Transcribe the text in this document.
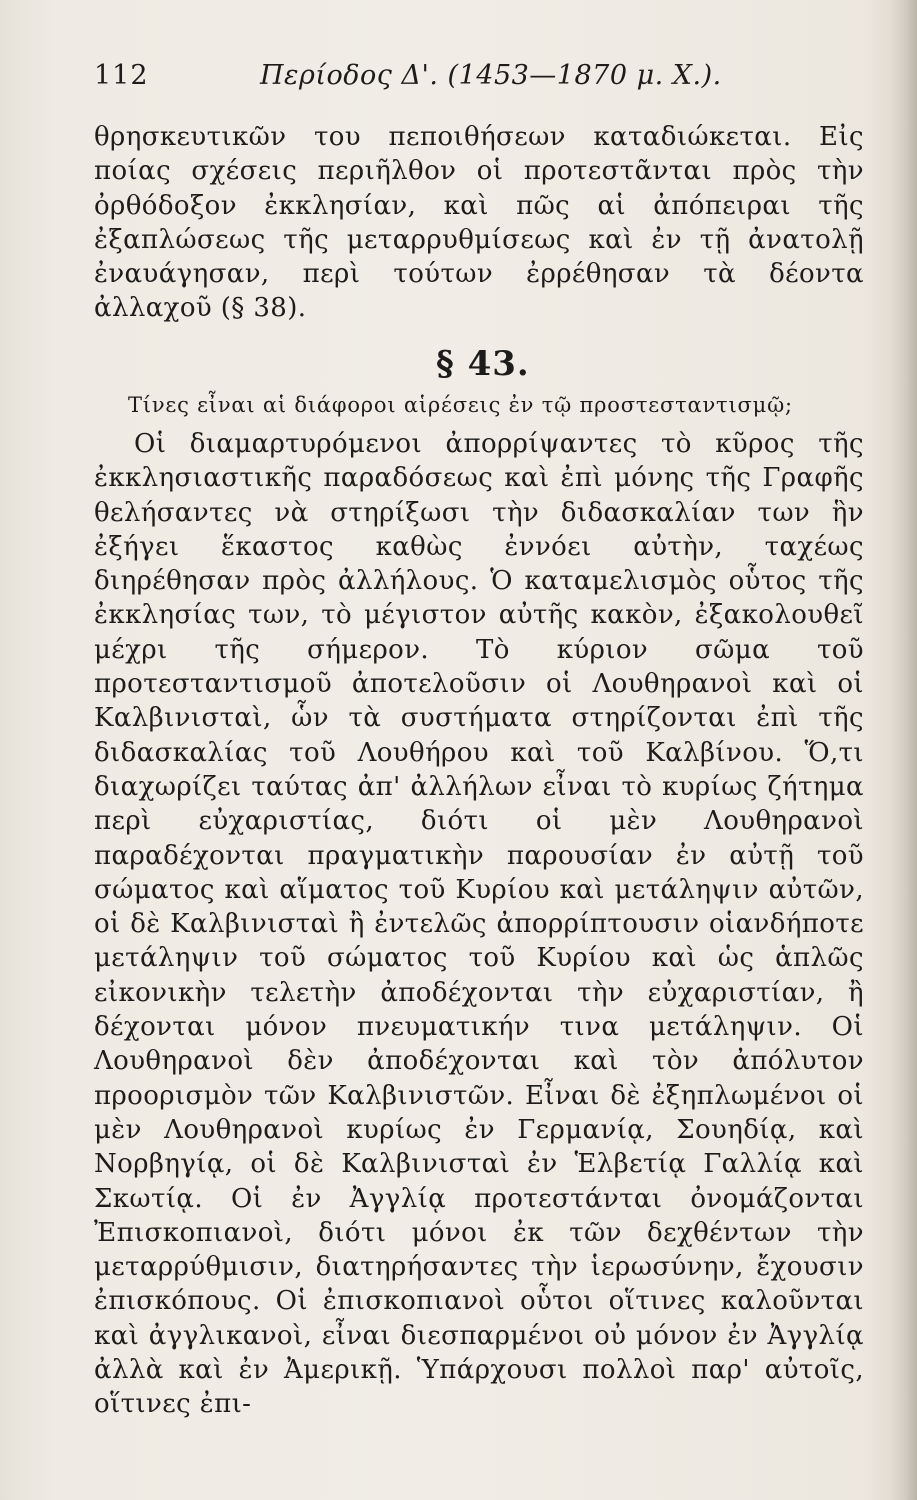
112	Περίοδος Δ'. (1453—1870 μ. Χ.).
θρησκευτικῶν του πεποιθήσεων καταδιώκεται. Εἰς ποίας σχέσεις περιῆλθον οἱ προτεστᾶνται πρὸς τὴν ὀρθόδοξον ἐκκλησίαν, καὶ πῶς αἱ ἀπόπειραι τῆς ἐξαπλώσεως τῆς μεταρρυθμίσεως καὶ ἐν τῇ ἀνατολῇ ἐναυάγησαν, περὶ τούτων ἐρρέθησαν τὰ δέοντα ἀλλαχοῦ (§ 38).
§ 43.
Τίνες εἶναι αἱ διάφοροι αἱρέσεις ἐν τῷ προστεσταντισμῷ;
Οἱ διαμαρτυρόμενοι ἀπορρίψαντες τὸ κῦρος τῆς ἐκκλησιαστικῆς παραδόσεως καὶ ἐπὶ μόνης τῆς Γραφῆς θελήσαντες νὰ στηρίξωσι τὴν διδασκαλίαν των ἣν ἐξήγει ἕκαστος καθὼς ἐννόει αὐτὴν, ταχέως διηρέθησαν πρὸς ἀλλήλους. Ὁ καταμελισμὸς οὗτος τῆς ἐκκλησίας των, τὸ μέγιστον αὐτῆς κακὸν, ἐξακολουθεῖ μέχρι τῆς σήμερον. Τὸ κύριον σῶμα τοῦ προτεσταντισμοῦ ἀποτελοῦσιν οἱ Λουθηρανοὶ καὶ οἱ Καλβινισταὶ, ὧν τὰ συστήματα στηρίζονται ἐπὶ τῆς διδασκαλίας τοῦ Λουθήρου καὶ τοῦ Καλβίνου. Ὅ,τι διαχωρίζει ταύτας ἀπ' ἀλλήλων εἶναι τὸ κυρίως ζήτημα περὶ εὐχαριστίας, διότι οἱ μὲν Λουθηρανοὶ παραδέχονται πραγματικὴν παρουσίαν ἐν αὐτῇ τοῦ σώματος καὶ αἵματος τοῦ Κυρίου καὶ μετάληψιν αὐτῶν, οἱ δὲ Καλβινισταὶ ἢ ἐντελῶς ἀπορρίπτουσιν οἱανδήποτε μετάληψιν τοῦ σώματος τοῦ Κυρίου καὶ ὡς ἁπλῶς εἰκονικὴν τελετὴν ἀποδέχονται τὴν εὐχαριστίαν, ἢ δέχονται μόνον πνευματικήν τινα μετάληψιν. Οἱ Λουθηρανοὶ δὲν ἀποδέχονται καὶ τὸν ἀπόλυτον προορισμὸν τῶν Καλβινιστῶν. Εἶναι δὲ ἐξηπλωμένοι οἱ μὲν Λουθηρανοὶ κυρίως ἐν Γερμανίᾳ, Σουηδίᾳ, καὶ Νορβηγίᾳ, οἱ δὲ Καλβινισταὶ ἐν Ἑλβετίᾳ Γαλλίᾳ καὶ Σκωτίᾳ. Οἱ ἐν Ἀγγλίᾳ προτεστάνται ὀνομάζονται Ἐπισκοπιανοὶ, διότι μόνοι ἐκ τῶν δεχθέντων τὴν μεταρρύθμισιν, διατηρήσαντες τὴν ἱερωσύνην, ἔχουσιν ἐπισκόπους. Οἱ ἐπισκοπιανοὶ οὗτοι οἵτινες καλοῦνται καὶ ἀγγλικανοὶ, εἶναι διεσπαρμένοι οὐ μόνον ἐν Ἀγγλίᾳ ἀλλὰ καὶ ἐν Ἀμερικῇ. Ὑπάρχουσι πολλοὶ παρ' αὐτοῖς, οἵτινες ἐπι-
